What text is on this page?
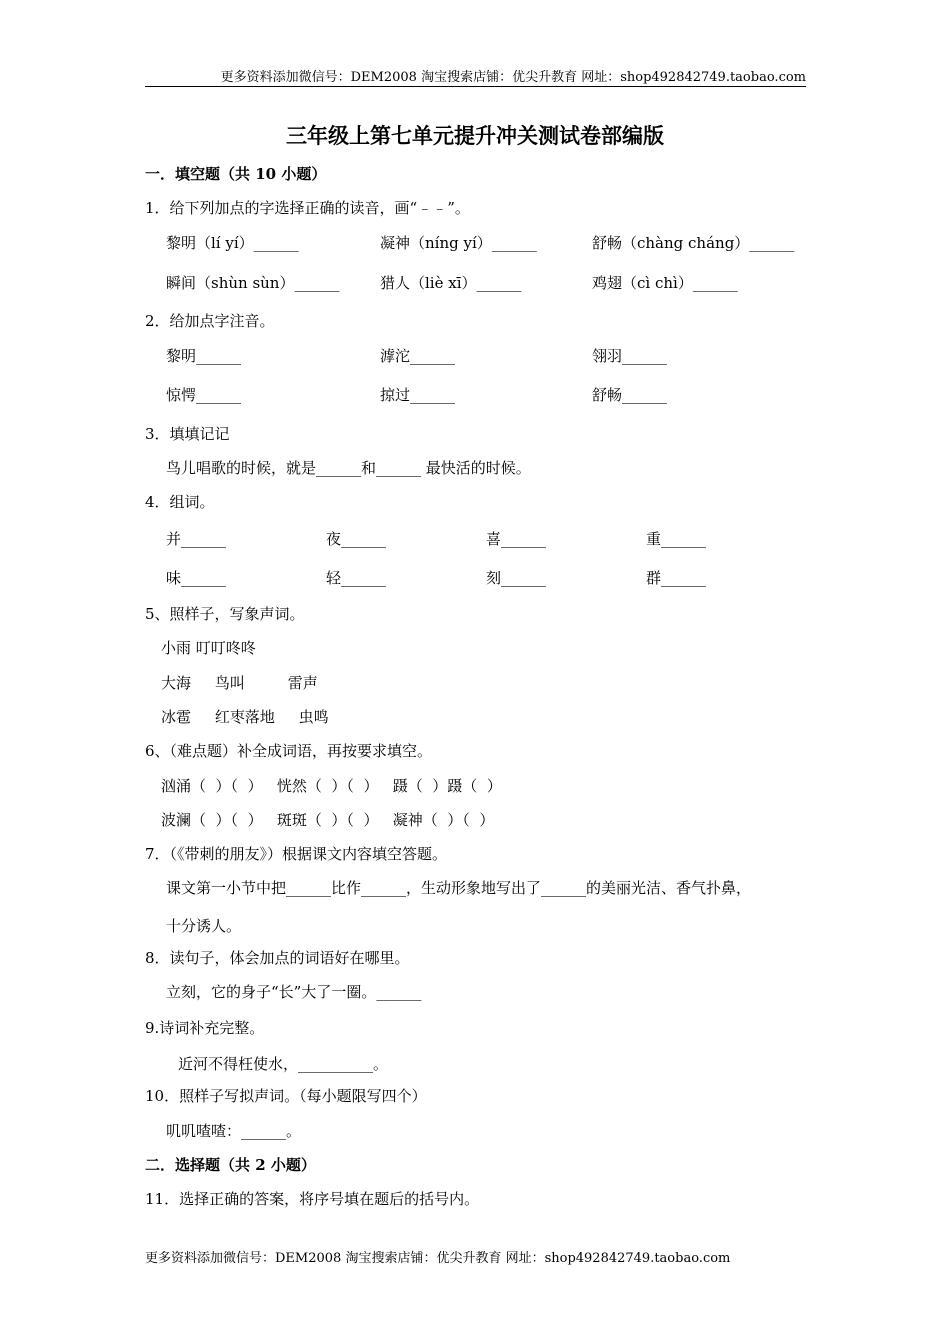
更多资料添加微信号：DEM2008 淘宝搜索店铺：优尖升教育 网址：shop492842749.taobao.com
三年级上第七单元提升冲关测试卷部编版
一．填空题（共 10 小题）
1．给下列加点的字选择正确的读音，画“﹣﹣”。
黎明（lí yí）______	凝神（níng yí）______	舒畅（chàng cháng）______
瞬间（shùn sùn）______	猎人（liè xī）______	鸡翅（cì chì）______
2．给加点字注音。
黎明______	滹沱______	翎羽______
惊愕______	掠过______	舒畅______
3．填填记记
鸟儿唱歌的时候，就是______和______ 最快活的时候。
4．组词。
并______	夜______	喜______	重______
味______	轻______	刻______	群______
5、照样子，写象声词。
小雨 叮叮咚咚
大海     鸟叫         雷声
冰雹     红枣落地     虫鸣
6、（难点题）补全成词语，再按要求填空。
汹涌（  ）（  ）   恍然（  ）（  ）   蹑（  ）蹑（  ）
波澜（  ）（  ）   斑斑（  ）（  ）   凝神（  ）（  ）
7．（《带刺的朋友》）根据课文内容填空答题。
课文第一小节中把______比作______，生动形象地写出了______的美丽光洁、香气扑鼻，
十分诱人。
8．读句子，体会加点的词语好在哪里。
立刻，它的身子“长”大了一圈。______
9.诗词补充完整。
近河不得枉使水，__________。
10．照样子写拟声词。（每小题限写四个）
叽叽喳喳：______。
二．选择题（共 2 小题）
11．选择正确的答案，将序号填在题后的括号内。
更多资料添加微信号：DEM2008 淘宝搜索店铺：优尖升教育 网址：shop492842749.taobao.com
